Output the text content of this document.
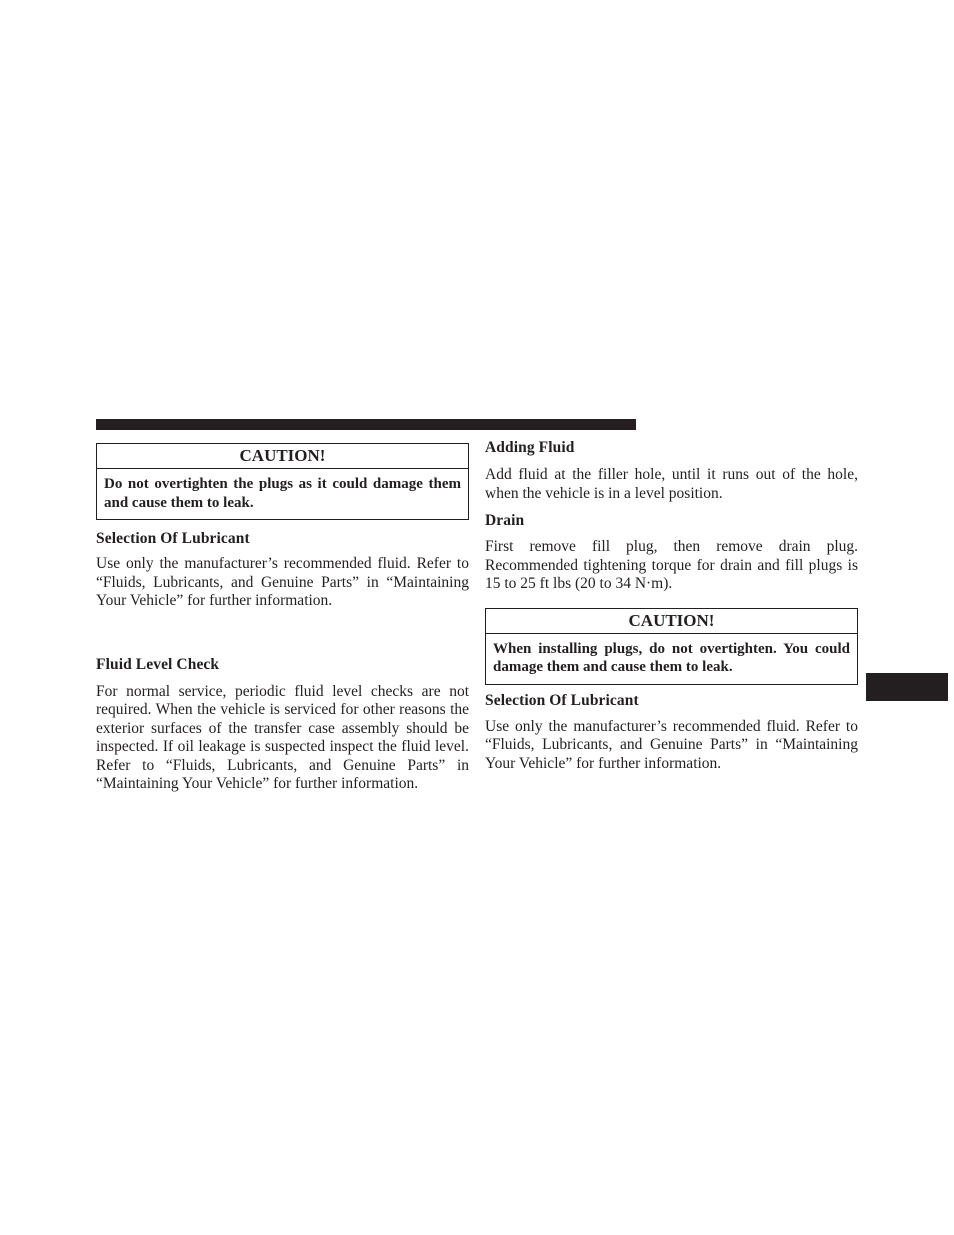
CAUTION!
Do not overtighten the plugs as it could damage them and cause them to leak.
Selection Of Lubricant

Use only the manufacturer’s recommended fluid. Refer to “Fluids, Lubricants, and Genuine Parts” in “Maintaining Your Vehicle” for further information.

Fluid Level Check

For normal service, periodic fluid level checks are not required. When the vehicle is serviced for other reasons the exterior surfaces of the transfer case assembly should be inspected. If oil leakage is suspected inspect the fluid level. Refer to “Fluids, Lubricants, and Genuine Parts” in “Maintaining Your Vehicle” for further information.

Adding Fluid

Add fluid at the filler hole, until it runs out of the hole, when the vehicle is in a level position.

Drain

First remove fill plug, then remove drain plug. Recommended tightening torque for drain and fill plugs is 15 to 25 ft lbs (20 to 34 N·m).

CAUTION!
When installing plugs, do not overtighten. You could damage them and cause them to leak.
Selection Of Lubricant

Use only the manufacturer’s recommended fluid. Refer to “Fluids, Lubricants, and Genuine Parts” in “Maintaining Your Vehicle” for further information.
